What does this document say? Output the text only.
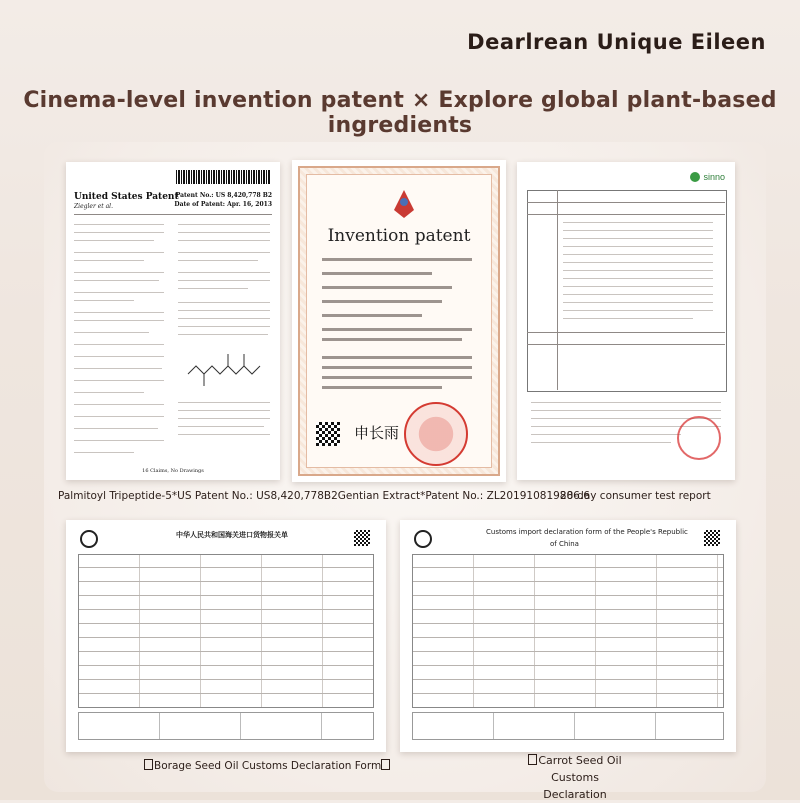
Dearlrean Unique Eileen
Cinema-level invention patent × Explore global plant-based ingredients
United States Patent
Ziegler et al.
Patent No.: US 8,420,778 B2
Date of Patent: Apr. 16, 2013
16 Claims, No Drawings
Invention patent
申长雨
sinno
中华人民共和国海关进口货物报关单	Customs import declaration form of the People's Republic
of China
Palmitoyl Tripeptide-5*US Patent No.: US8,420,778B2Gentian Extract*Patent No.: ZL201910819806.6
28-day consumer test report
Borage Seed Oil Customs Declaration Form	Carrot Seed Oil Customs
Declaration
